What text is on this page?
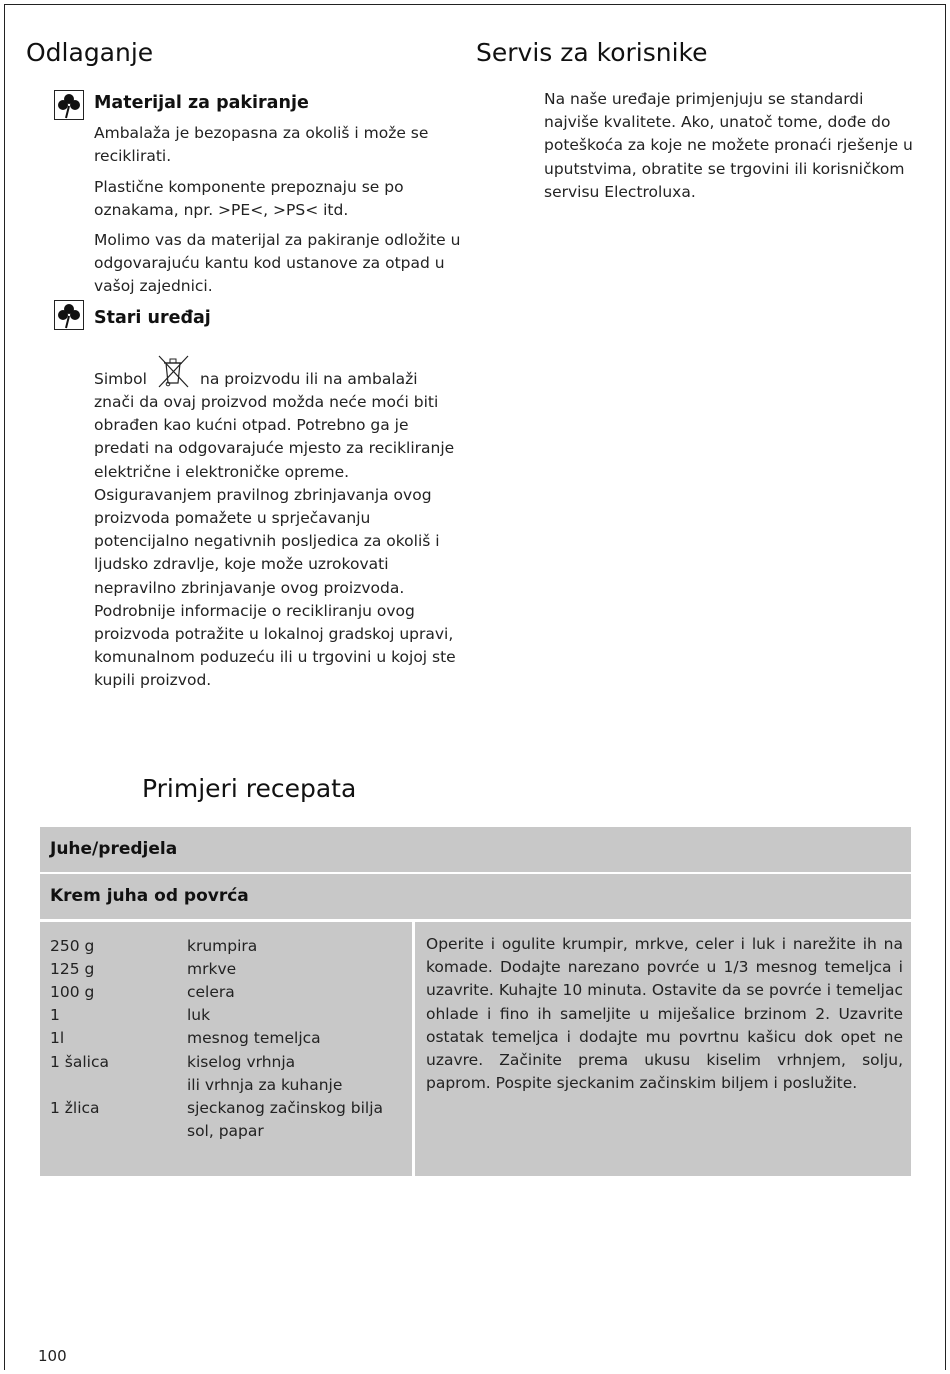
Odlaganje
Materijal za pakiranje

Ambalaža je bezopasna za okoliš i može se reciklirati.

Plastične komponente prepoznaju se po oznakama, npr. >PE<, >PS< itd.

Molimo vas da materijal za pakiranje odložite u odgovarajuću kantu kod ustanove za otpad u vašoj zajednici.

Stari uređaj
Simbol	na proizvodu ili na ambalaži

znači da ovaj proizvod možda neće moći biti obrađen kao kućni otpad. Potrebno ga je predati na odgovarajuće mjesto za recikliranje električne i elektroničke opreme. Osiguravanjem pravilnog zbrinjavanja ovog proizvoda pomažete u sprječavanju potencijalno negativnih posljedica za okoliš i ljudsko zdravlje, koje može uzrokovati nepravilno zbrinjavanje ovog proizvoda. Podrobnije informacije o recikliranju ovog proizvoda potražite u lokalnoj gradskoj upravi, komunalnom poduzeću ili u trgovini u kojoj ste kupili proizvod.

Servis za korisnike

Na naše uređaje primjenjuju se standardi najviše kvalitete. Ako, unatoč tome, dođe do poteškoća za koje ne možete pronaći rješenje u uputstvima, obratite se trgovini ili korisničkom servisu Electroluxa.

Primjeri recepata
Juhe/predjela
Krem juha od povrća
250 g	krumpira
125 g	mrkve
100 g	celera
1	luk
1l	mesnog temeljca
1 šalica	kiselog vrhnja
ili vrhnja za kuhanje
1 žlica	sjeckanog začinskog bilja
sol, papar

Operite i ogulite krumpir, mrkve, celer i luk i narežite ih na komade. Dodajte narezano povrće u 1/3 mesnog temeljca i uzavrite. Kuhajte 10 minuta. Ostavite da se povrće i temeljac ohlade i fino ih sameljite u miješalice brzinom 2. Uzavrite ostatak temeljca i dodajte mu povrtnu kašicu dok opet ne uzavre. Začinite prema ukusu kiselim vrhnjem, solju, paprom. Pospite sjeckanim začinskim biljem i poslužite.

100
